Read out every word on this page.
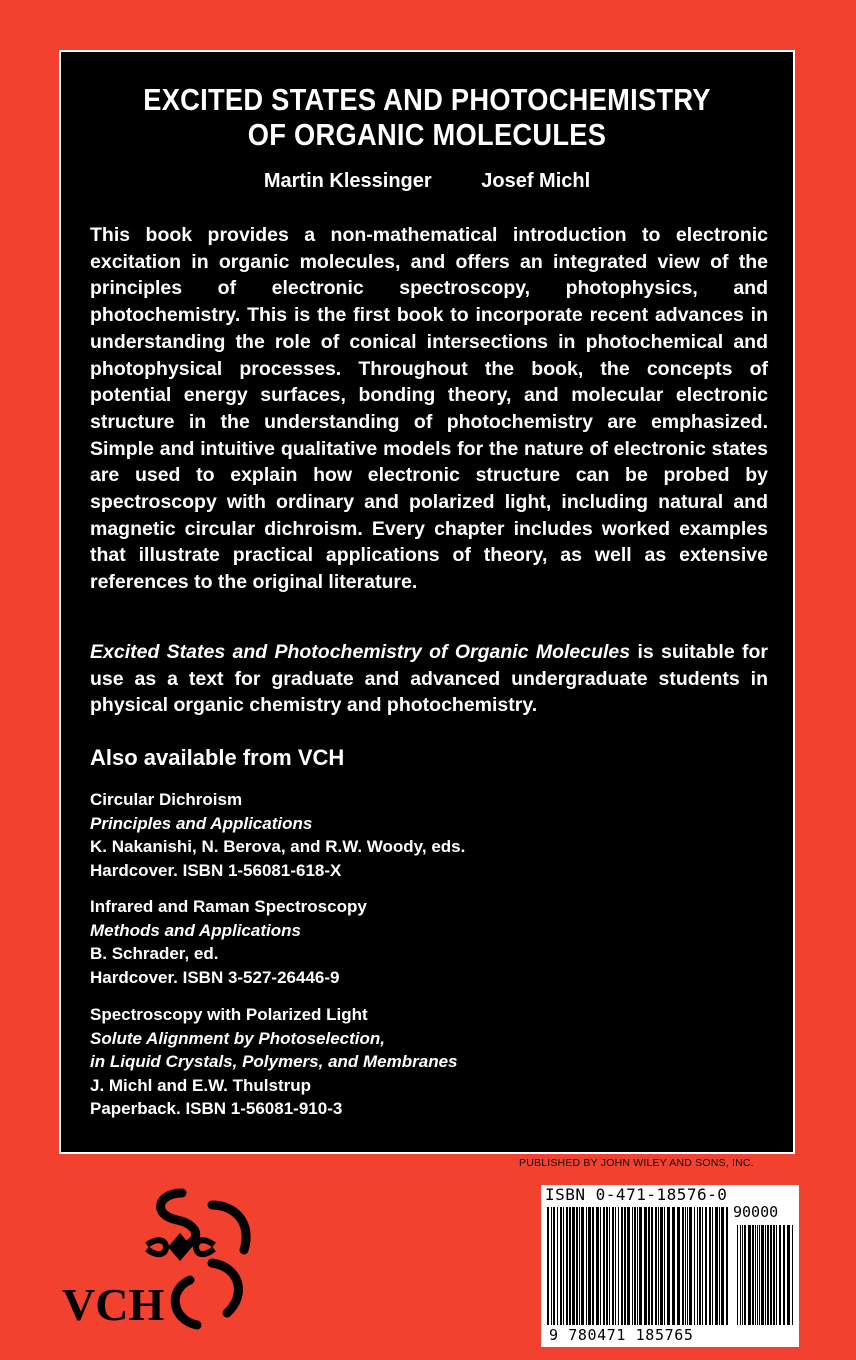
EXCITED STATES AND PHOTOCHEMISTRY
OF ORGANIC MOLECULES
Martin Klessinger Josef Michl

This book provides a non-mathematical introduction to electronic excitation in organic molecules, and offers an integrated view of the principles of electronic spectroscopy, photophysics, and photochemistry. This is the first book to incorporate recent advances in understanding the role of conical intersections in photochemical and photophysical processes. Throughout the book, the concepts of potential energy surfaces, bonding theory, and molecular electronic structure in the understanding of photochemistry are emphasized. Simple and intuitive qualitative models for the nature of electronic states are used to explain how electronic structure can be probed by spectroscopy with ordinary and polarized light, including natural and magnetic circular dichroism. Every chapter includes worked examples that illustrate practical applications of theory, as well as extensive references to the original literature.

Excited States and Photochemistry of Organic Molecules is suitable for use as a text for graduate and advanced undergraduate students in physical organic chemistry and photochemistry.

Also available from VCH
Circular Dichroism
Principles and Applications
K. Nakanishi, N. Berova, and R.W. Woody, eds.
Hardcover. ISBN 1-56081-618-X
Infrared and Raman Spectroscopy
Methods and Applications
B. Schrader, ed.
Hardcover. ISBN 3-527-26446-9
Spectroscopy with Polarized Light
Solute Alignment by Photoselection,
in Liquid Crystals, Polymers, and Membranes
J. Michl and E.W. Thulstrup
Paperback. ISBN 1-56081-910-3
PUBLISHED BY JOHN WILEY AND SONS, INC.
VCH
ISBN 0-471-18576-0
90000
9 780471 185765
